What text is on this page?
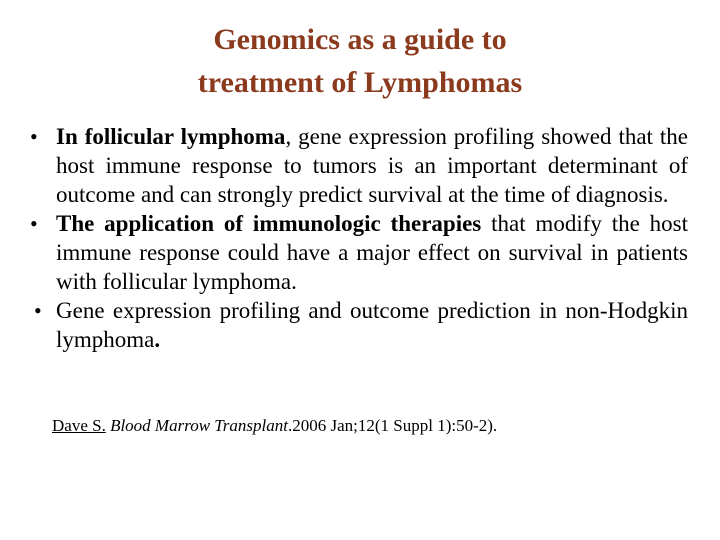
Genomics as a guide to
treatment of Lymphomas
• In follicular lymphoma, gene expression profiling showed that the host immune response to tumors is an important determinant of outcome and can strongly predict survival at the time of diagnosis.
• The application of immunologic therapies that modify the host immune response could have a major effect on survival in patients with follicular lymphoma.
• Gene expression profiling and outcome prediction in non-Hodgkin lymphoma.
Dave S. Blood Marrow Transplant.2006 Jan;12(1 Suppl 1):50-2).
